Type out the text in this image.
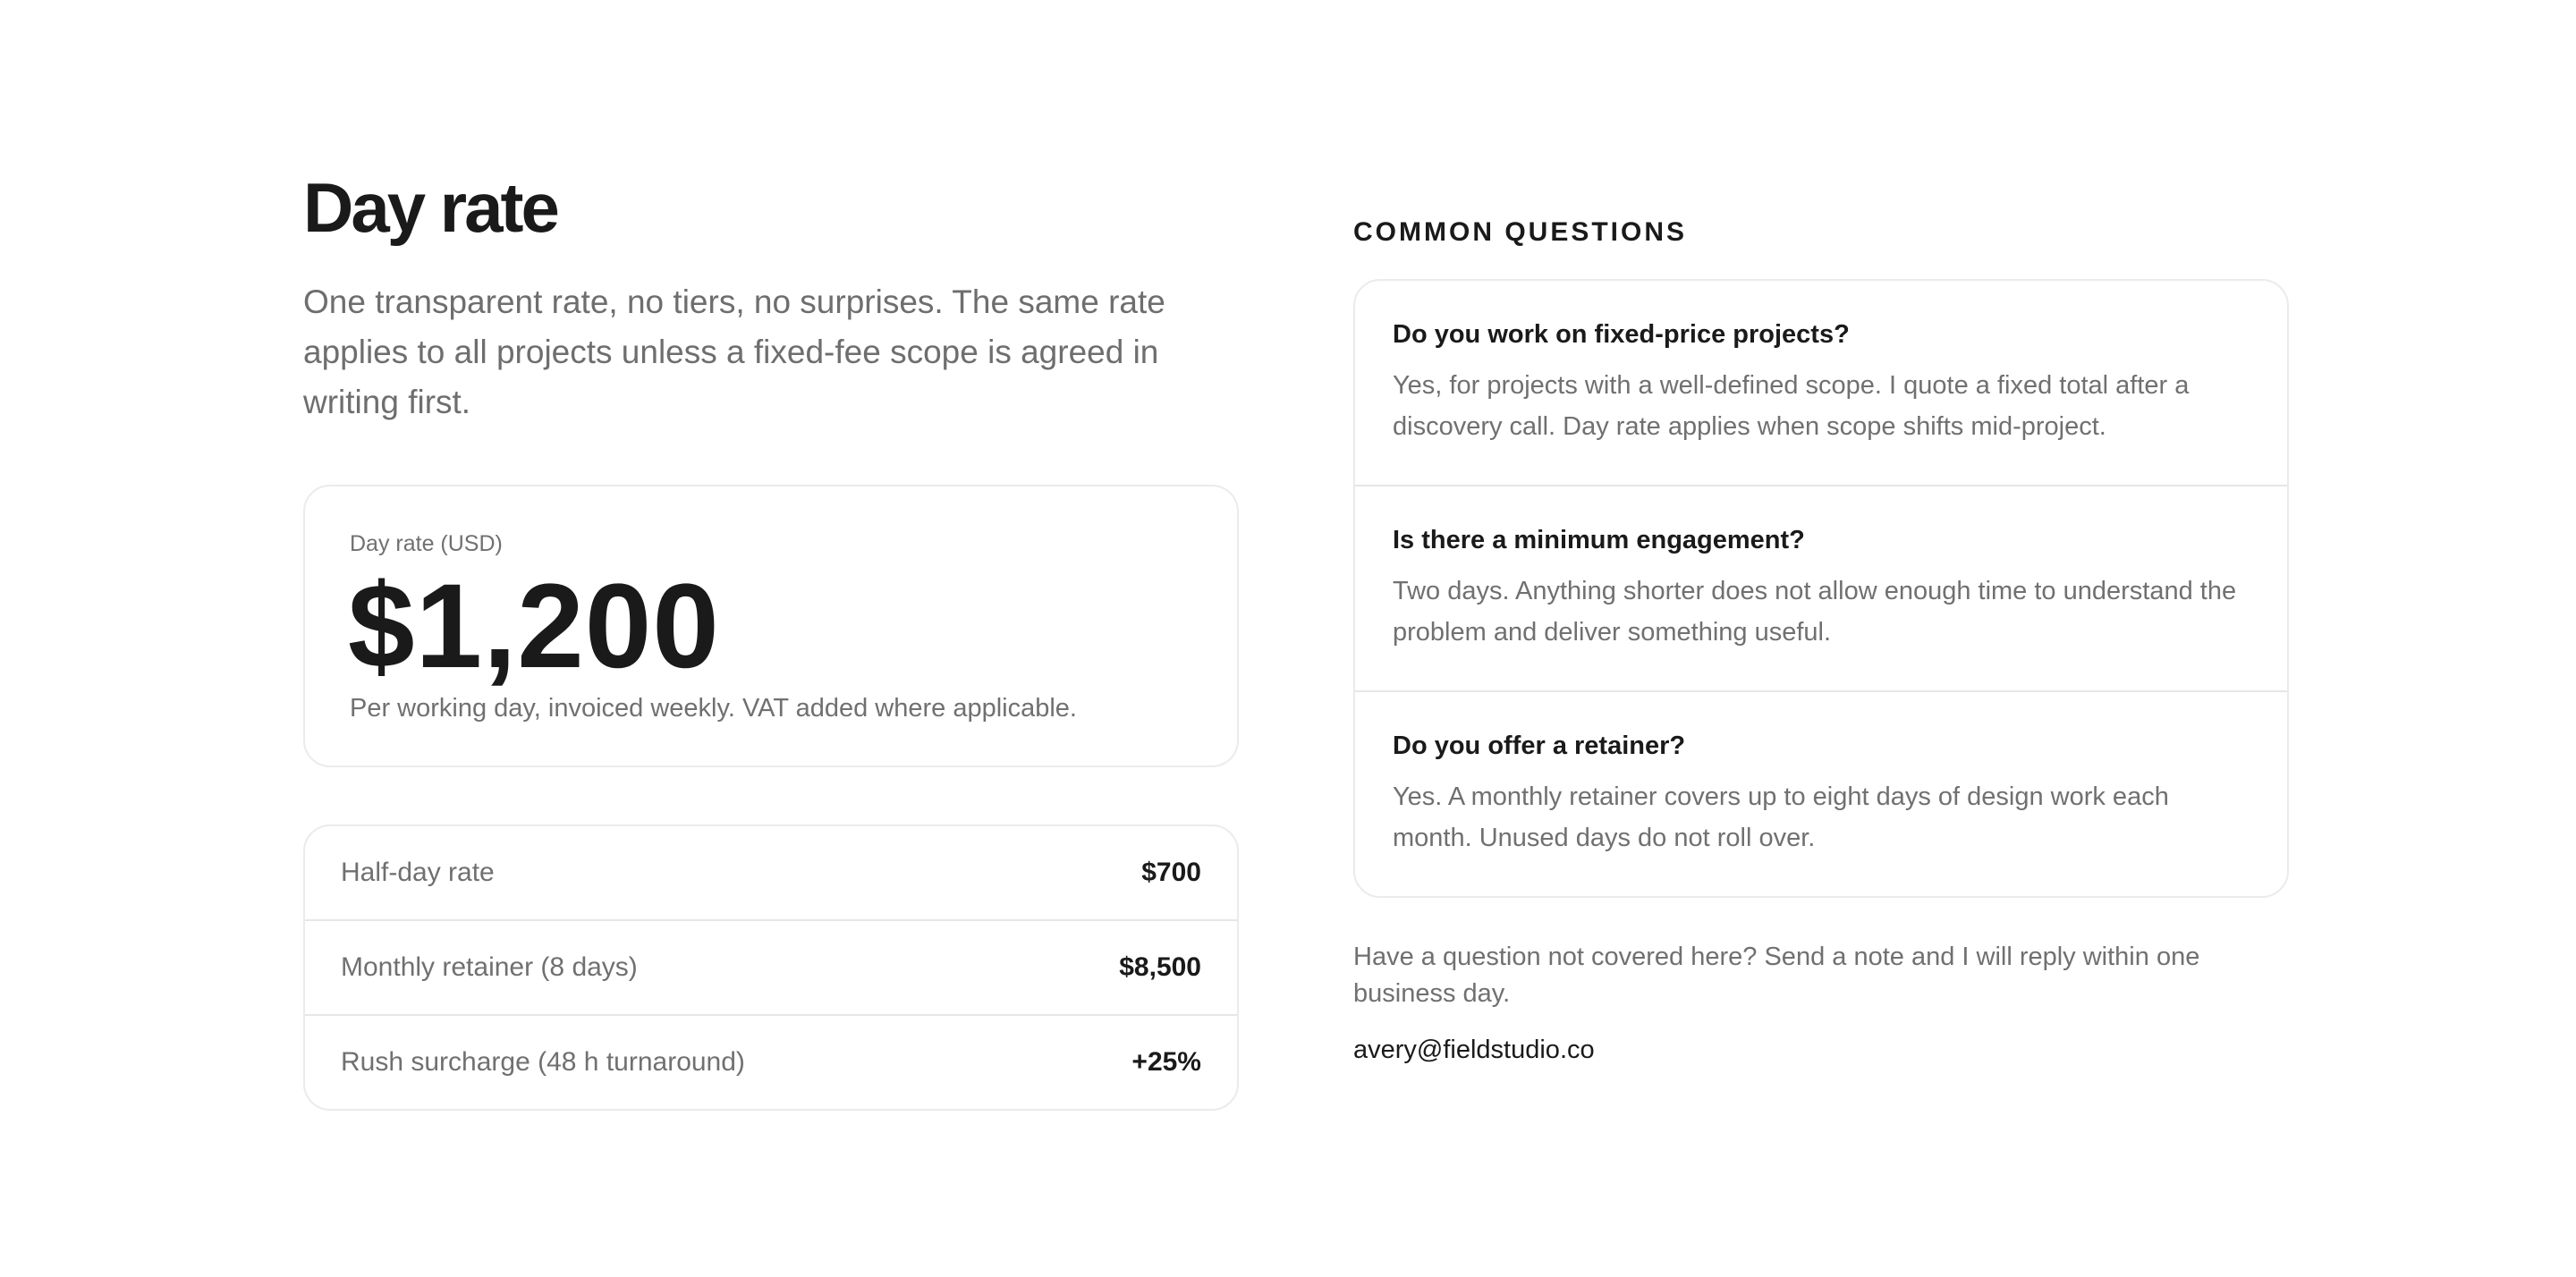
Day rate

One transparent rate, no tiers, no surprises. The same rate applies to all projects unless a fixed-fee scope is agreed in writing first.

Day rate (USD)
$1,200
Per working day, invoiced weekly. VAT added where applicable.
Half-day rate	$700
Monthly retainer (8 days)	$8,500
Rush surcharge (48 h turnaround)	+25%
COMMON QUESTIONS
Do you work on fixed-price projects?

Yes, for projects with a well-defined scope. I quote a fixed total after a discovery call. Day rate applies when scope shifts mid-project.

Is there a minimum engagement?

Two days. Anything shorter does not allow enough time to understand the problem and deliver something useful.

Do you offer a retainer?

Yes. A monthly retainer covers up to eight days of design work each month. Unused days do not roll over.

Have a question not covered here? Send a note and I will reply within one business day.

avery@fieldstudio.co
